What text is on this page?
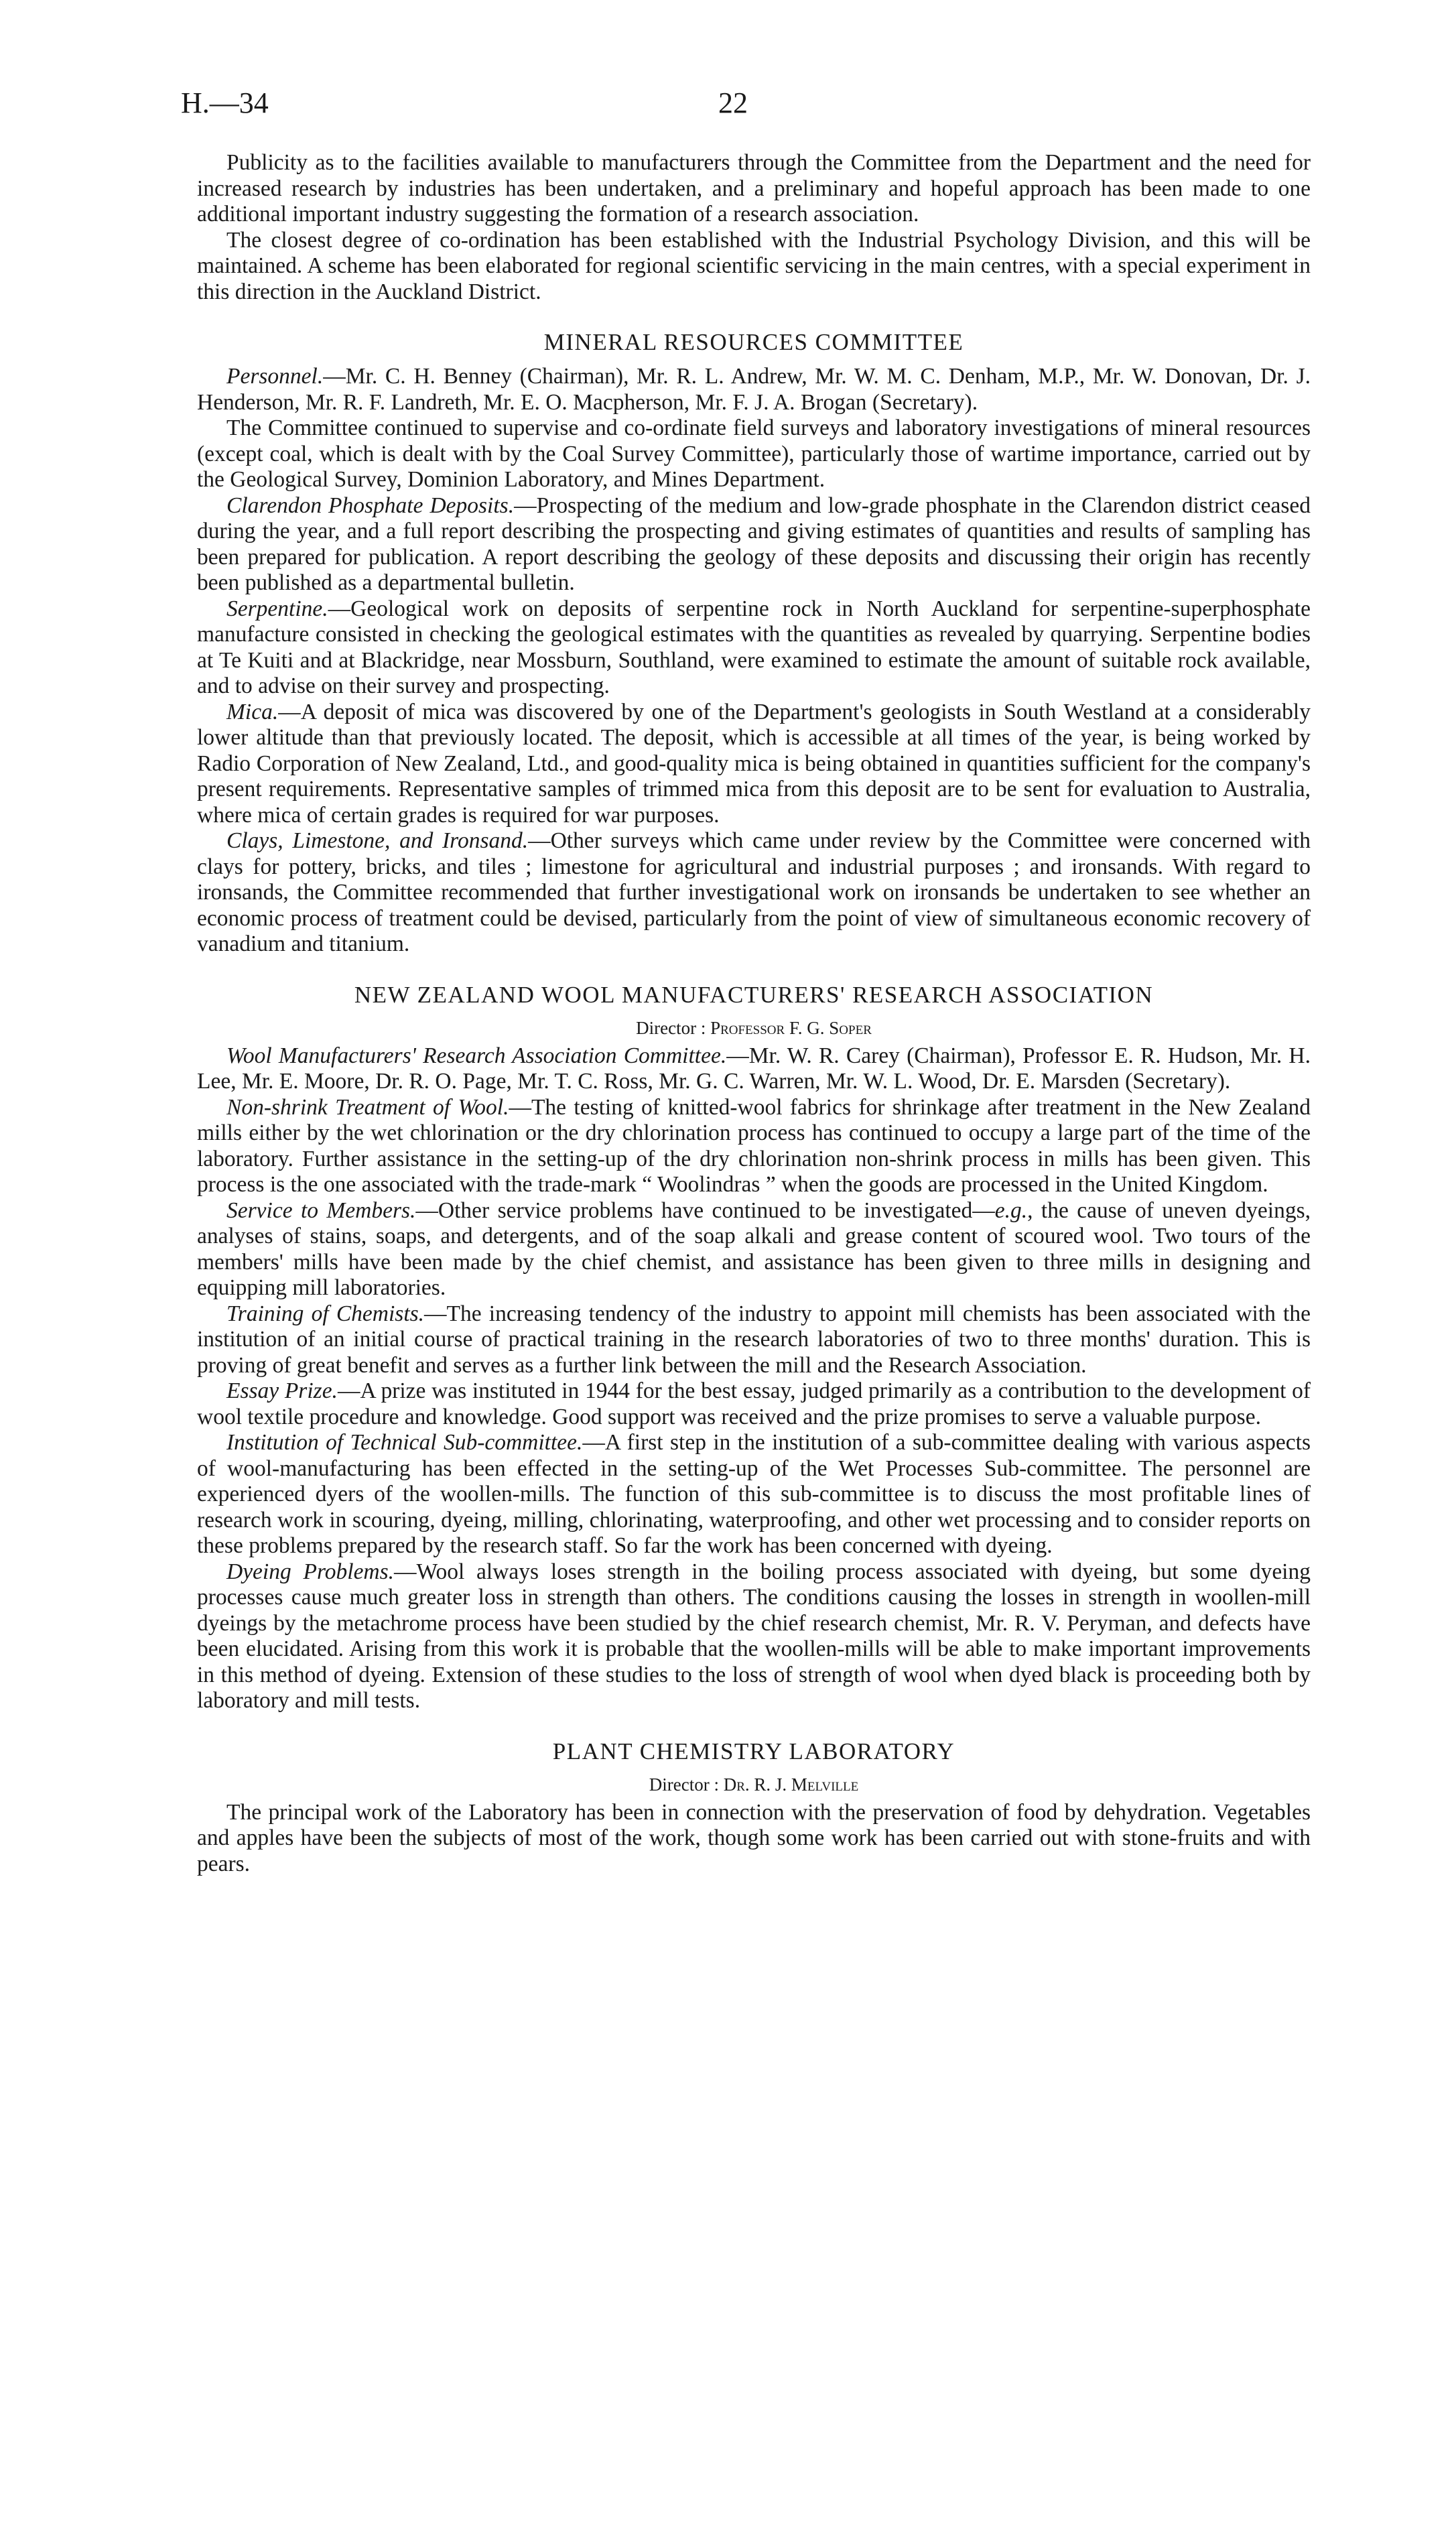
H.—34	22

Publicity as to the facilities available to manufacturers through the Committee from the Department and the need for increased research by industries has been undertaken, and a preliminary and hopeful approach has been made to one additional important industry suggesting the formation of a research association.

The closest degree of co-ordination has been established with the Industrial Psychology Division, and this will be maintained. A scheme has been elaborated for regional scientific servicing in the main centres, with a special experiment in this direction in the Auckland District.

MINERAL RESOURCES COMMITTEE

Personnel.—Mr. C. H. Benney (Chairman), Mr. R. L. Andrew, Mr. W. M. C. Denham, M.P., Mr. W. Donovan, Dr. J. Henderson, Mr. R. F. Landreth, Mr. E. O. Macpherson, Mr. F. J. A. Brogan (Secretary).

The Committee continued to supervise and co-ordinate field surveys and laboratory investigations of mineral resources (except coal, which is dealt with by the Coal Survey Committee), particularly those of wartime importance, carried out by the Geological Survey, Dominion Laboratory, and Mines Department.

Clarendon Phosphate Deposits.—Prospecting of the medium and low-grade phosphate in the Clarendon district ceased during the year, and a full report describing the prospecting and giving estimates of quantities and results of sampling has been prepared for publication. A report describing the geology of these deposits and discussing their origin has recently been published as a departmental bulletin.

Serpentine.—Geological work on deposits of serpentine rock in North Auckland for serpentine-superphosphate manufacture consisted in checking the geological estimates with the quantities as revealed by quarrying. Serpentine bodies at Te Kuiti and at Blackridge, near Mossburn, Southland, were examined to estimate the amount of suitable rock available, and to advise on their survey and prospecting.

Mica.—A deposit of mica was discovered by one of the Department's geologists in South Westland at a considerably lower altitude than that previously located. The deposit, which is accessible at all times of the year, is being worked by Radio Corporation of New Zealand, Ltd., and good-quality mica is being obtained in quantities sufficient for the company's present requirements. Representative samples of trimmed mica from this deposit are to be sent for evaluation to Australia, where mica of certain grades is required for war purposes.

Clays, Limestone, and Ironsand.—Other surveys which came under review by the Committee were concerned with clays for pottery, bricks, and tiles ; limestone for agricultural and industrial purposes ; and ironsands. With regard to ironsands, the Committee recommended that further investigational work on ironsands be undertaken to see whether an economic process of treatment could be devised, particularly from the point of view of simultaneous economic recovery of vanadium and titanium.

NEW ZEALAND WOOL MANUFACTURERS' RESEARCH ASSOCIATION
Director : Professor F. G. Soper

Wool Manufacturers' Research Association Committee.—Mr. W. R. Carey (Chairman), Professor E. R. Hudson, Mr. H. Lee, Mr. E. Moore, Dr. R. O. Page, Mr. T. C. Ross, Mr. G. C. Warren, Mr. W. L. Wood, Dr. E. Marsden (Secretary).

Non-shrink Treatment of Wool.—The testing of knitted-wool fabrics for shrinkage after treatment in the New Zealand mills either by the wet chlorination or the dry chlorination process has continued to occupy a large part of the time of the laboratory. Further assistance in the setting-up of the dry chlorination non-shrink process in mills has been given. This process is the one associated with the trade-mark “ Woolindras ” when the goods are processed in the United Kingdom.

Service to Members.—Other service problems have continued to be investigated—e.g., the cause of uneven dyeings, analyses of stains, soaps, and detergents, and of the soap alkali and grease content of scoured wool. Two tours of the members' mills have been made by the chief chemist, and assistance has been given to three mills in designing and equipping mill laboratories.

Training of Chemists.—The increasing tendency of the industry to appoint mill chemists has been associated with the institution of an initial course of practical training in the research laboratories of two to three months' duration. This is proving of great benefit and serves as a further link between the mill and the Research Association.

Essay Prize.—A prize was instituted in 1944 for the best essay, judged primarily as a contribution to the development of wool textile procedure and knowledge. Good support was received and the prize promises to serve a valuable purpose.

Institution of Technical Sub-committee.—A first step in the institution of a sub-committee dealing with various aspects of wool-manufacturing has been effected in the setting-up of the Wet Processes Sub-committee. The personnel are experienced dyers of the woollen-mills. The function of this sub-committee is to discuss the most profitable lines of research work in scouring, dyeing, milling, chlorinating, waterproofing, and other wet processing and to consider reports on these problems prepared by the research staff. So far the work has been concerned with dyeing.

Dyeing Problems.—Wool always loses strength in the boiling process associated with dyeing, but some dyeing processes cause much greater loss in strength than others. The conditions causing the losses in strength in woollen-mill dyeings by the metachrome process have been studied by the chief research chemist, Mr. R. V. Peryman, and defects have been elucidated. Arising from this work it is probable that the woollen-mills will be able to make important improvements in this method of dyeing. Extension of these studies to the loss of strength of wool when dyed black is proceeding both by laboratory and mill tests.

PLANT CHEMISTRY LABORATORY
Director : Dr. R. J. Melville

The principal work of the Laboratory has been in connection with the preservation of food by dehydration. Vegetables and apples have been the subjects of most of the work, though some work has been carried out with stone-fruits and with pears.
